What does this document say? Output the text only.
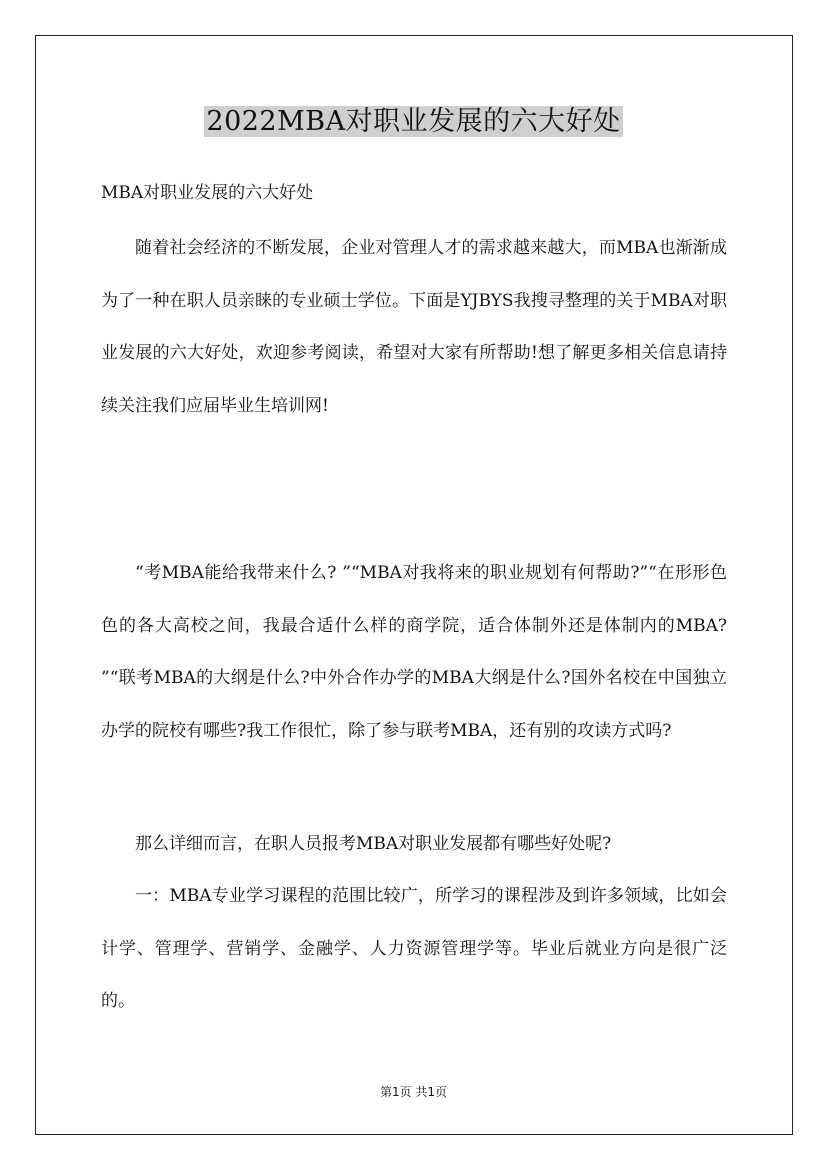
2022MBA对职业发展的六大好处
MBA对职业发展的六大好处

随着社会经济的不断发展，企业对管理人才的需求越来越大，而MBA也渐渐成为了一种在职人员亲睐的专业硕士学位。下面是YJBYS我搜寻整理的关于MBA对职业发展的六大好处，欢迎参考阅读，希望对大家有所帮助!想了解更多相关信息请持续关注我们应届毕业生培训网!

“考MBA能给我带来什么? ”“MBA对我将来的职业规划有何帮助?”“在形形色色的各大高校之间，我最合适什么样的商学院，适合体制外还是体制内的MBA? ”“联考MBA的大纲是什么?中外合作办学的MBA大纲是什么?国外名校在中国独立办学的院校有哪些?我工作很忙，除了参与联考MBA，还有别的攻读方式吗?

那么详细而言，在职人员报考MBA对职业发展都有哪些好处呢?

一：MBA专业学习课程的范围比较广，所学习的课程涉及到许多领域，比如会计学、管理学、营销学、金融学、人力资源管理学等。毕业后就业方向是很广泛的。

第1页 共1页
